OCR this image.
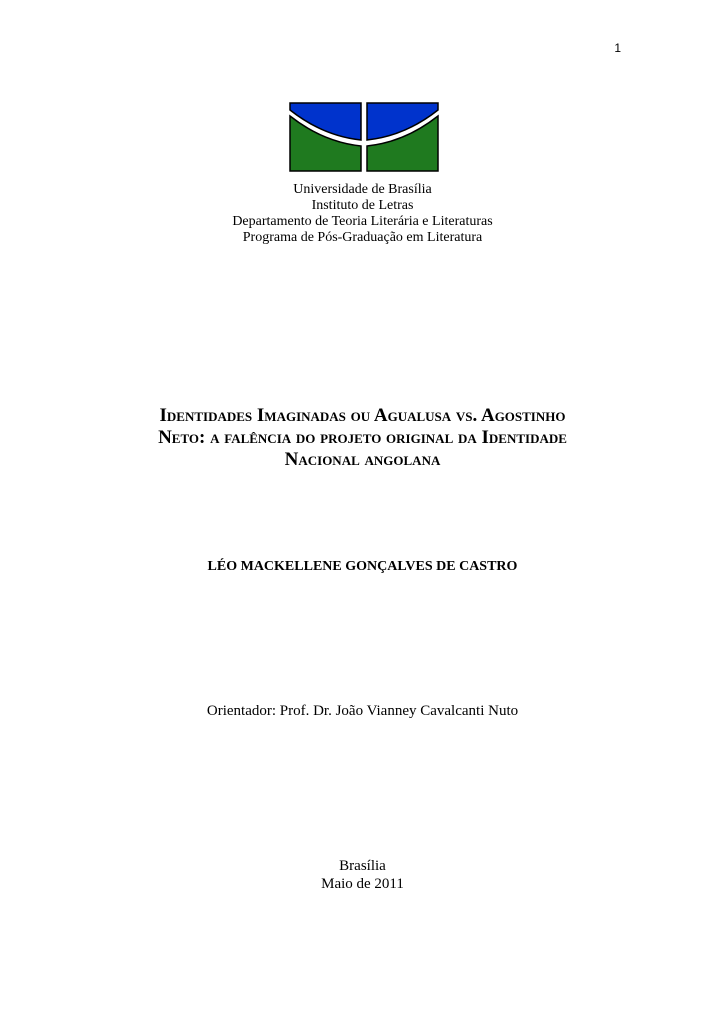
1
Universidade de Brasília
Instituto de Letras
Departamento de Teoria Literária e Literaturas
Programa de Pós-Graduação em Literatura
Identidades Imaginadas ou Agualusa vs. Agostinho
Neto: a falência do projeto original da Identidade
Nacional angolana
LÉO MACKELLENE GONÇALVES DE CASTRO
Orientador: Prof. Dr. João Vianney Cavalcanti Nuto
Brasília
Maio de 2011
